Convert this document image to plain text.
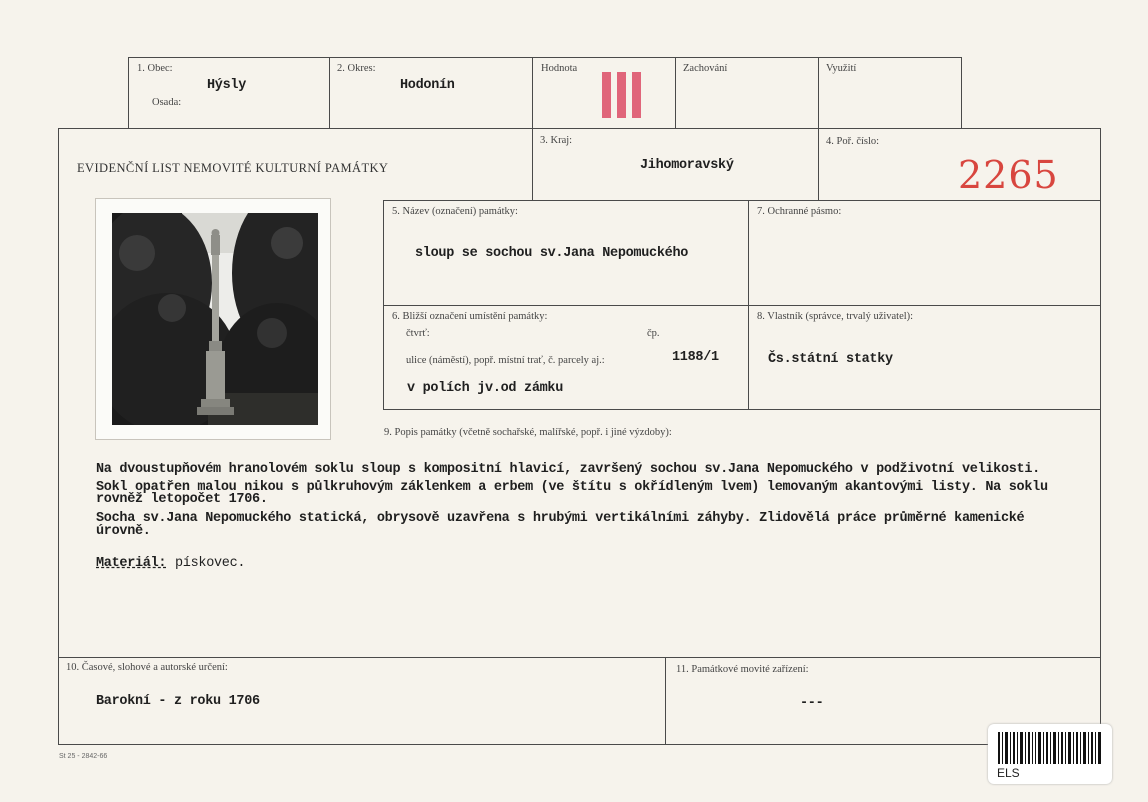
1. Obec:
Hýsly
Osada:
2. Okres:
Hodonín
Hodnota	Zachování	Využití
EVIDENČNÍ LIST NEMOVITÉ KULTURNÍ PAMÁTKY
3. Kraj:
Jihomoravský
4. Poř. číslo:
2265
5. Název (označení) památky:
sloup se sochou sv.Jana Nepomuckého
7. Ochranné pásmo:
6. Bližší označení umístění památky:
čtvrť:	čp.
ulice (náměstí), popř. místní trať, č. parcely aj.:	1188/1
v polích jv.od zámku
8. Vlastník (správce, trvalý uživatel):
Čs.státní statky
9. Popis památky (včetně sochařské, malířské, popř. i jiné výzdoby):
Na dvoustupňovém hranolovém soklu sloup s kompositní hlavicí, završený sochou sv.Jana Nepomuckého v podživotní velikosti.
Sokl opatřen malou nikou s půlkruhovým záklenkem a erbem (ve štítu s okřídleným lvem) lemovaným akantovými listy. Na soklu
rovněž letopočet 1706.
Socha sv.Jana Nepomuckého statická, obrysově uzavřena s hrubými vertikálními záhyby. Zlidovělá práce průměrné kamenické
úrovně.
Materiál: pískovec.
10. Časové, slohové a autorské určení:
Barokní - z roku 1706
11. Památkové movité zařízení:
---
St 25 - 2842-66
ELS
